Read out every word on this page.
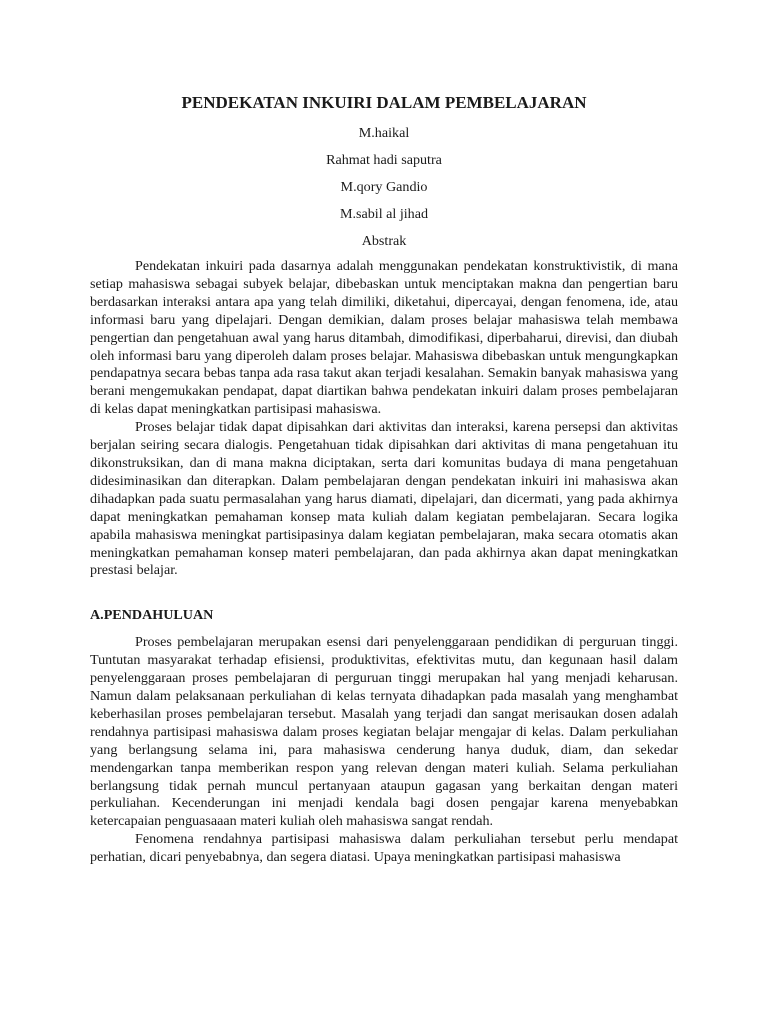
PENDEKATAN INKUIRI DALAM PEMBELAJARAN
M.haikal
Rahmat hadi saputra
M.qory Gandio
M.sabil al jihad
Abstrak

Pendekatan inkuiri pada dasarnya adalah menggunakan pendekatan konstruktivistik, di mana setiap mahasiswa sebagai subyek belajar, dibebaskan untuk menciptakan makna dan pengertian baru berdasarkan interaksi antara apa yang telah dimiliki, diketahui, dipercayai, dengan fenomena, ide, atau informasi baru yang dipelajari. Dengan demikian, dalam proses belajar mahasiswa telah membawa pengertian dan pengetahuan awal yang harus ditambah, dimodifikasi, diperbaharui, direvisi, dan diubah oleh informasi baru yang diperoleh dalam proses belajar. Mahasiswa dibebaskan untuk mengungkapkan pendapatnya secara bebas tanpa ada rasa takut akan terjadi kesalahan. Semakin banyak mahasiswa yang berani mengemukakan pendapat, dapat diartikan bahwa pendekatan inkuiri dalam proses pembelajaran di kelas dapat meningkatkan partisipasi mahasiswa.

Proses belajar tidak dapat dipisahkan dari aktivitas dan interaksi, karena persepsi dan aktivitas berjalan seiring secara dialogis. Pengetahuan tidak dipisahkan dari aktivitas di mana pengetahuan itu dikonstruksikan, dan di mana makna diciptakan, serta dari komunitas budaya di mana pengetahuan didesiminasikan dan diterapkan. Dalam pembelajaran dengan pendekatan inkuiri ini mahasiswa akan dihadapkan pada suatu permasalahan yang harus diamati, dipelajari, dan dicermati, yang pada akhirnya dapat meningkatkan pemahaman konsep mata kuliah dalam kegiatan pembelajaran. Secara logika apabila mahasiswa meningkat partisipasinya dalam kegiatan pembelajaran, maka secara otomatis akan meningkatkan pemahaman konsep materi pembelajaran, dan pada akhirnya akan dapat meningkatkan prestasi belajar.

A.PENDAHULUAN

Proses pembelajaran merupakan esensi dari penyelenggaraan pendidikan di perguruan tinggi. Tuntutan masyarakat terhadap efisiensi, produktivitas, efektivitas mutu, dan kegunaan hasil dalam penyelenggaraan proses pembelajaran di perguruan tinggi merupakan hal yang menjadi keharusan. Namun dalam pelaksanaan perkuliahan di kelas ternyata dihadapkan pada masalah yang menghambat keberhasilan proses pembelajaran tersebut. Masalah yang terjadi dan sangat merisaukan dosen adalah rendahnya partisipasi mahasiswa dalam proses kegiatan belajar mengajar di kelas. Dalam perkuliahan yang berlangsung selama ini, para mahasiswa cenderung hanya duduk, diam, dan sekedar mendengarkan tanpa memberikan respon yang relevan dengan materi kuliah. Selama perkuliahan berlangsung tidak pernah muncul pertanyaan ataupun gagasan yang berkaitan dengan materi perkuliahan. Kecenderungan ini menjadi kendala bagi dosen pengajar karena menyebabkan ketercapaian penguasaaan materi kuliah oleh mahasiswa sangat rendah.

Fenomena rendahnya partisipasi mahasiswa dalam perkuliahan tersebut perlu mendapat perhatian, dicari penyebabnya, dan segera diatasi. Upaya meningkatkan partisipasi mahasiswa
